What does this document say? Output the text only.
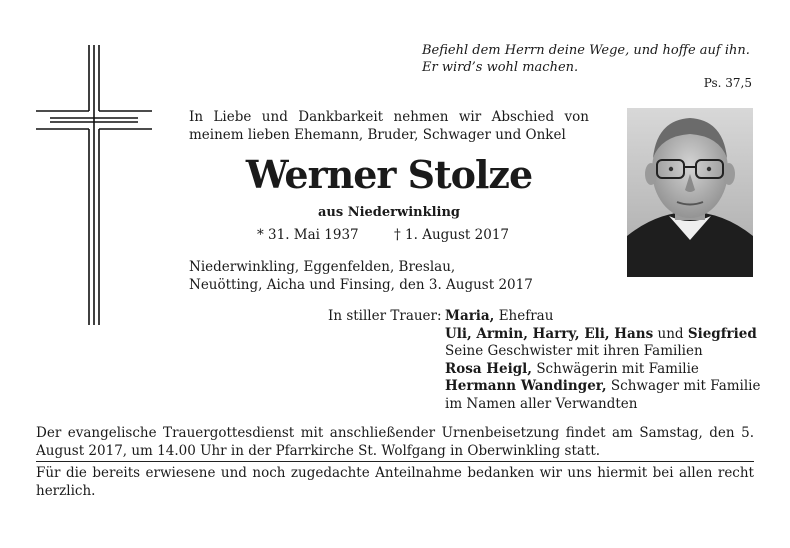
Befiehl dem Herrn deine Wege, und hoffe auf ihn.
Er wird’s wohl machen.
Ps. 37,5
In Liebe und Dankbarkeit nehmen wir Abschied von
meinem lieben Ehemann, Bruder, Schwager und Onkel
Werner Stolze
aus Niederwinkling
* 31. Mai 1937	† 1. August 2017
Niederwinkling, Eggenfelden, Breslau,
Neuötting, Aicha und Finsing, den 3. August 2017
In stiller Trauer: Maria, Ehefrau
Uli, Armin, Harry, Eli, Hans und Siegfried
Seine Geschwister mit ihren Familien
Rosa Heigl, Schwägerin mit Familie
Hermann Wandinger, Schwager mit Familie
im Namen aller Verwandten
Der evangelische Trauergottesdienst mit anschließender Urnenbeisetzung findet am Samstag, den 5. August 2017, um 14.00 Uhr in der Pfarrkirche St. Wolfgang in Oberwinkling statt.
Für die bereits erwiesene und noch zugedachte Anteilnahme bedanken wir uns hiermit bei allen recht herzlich.
